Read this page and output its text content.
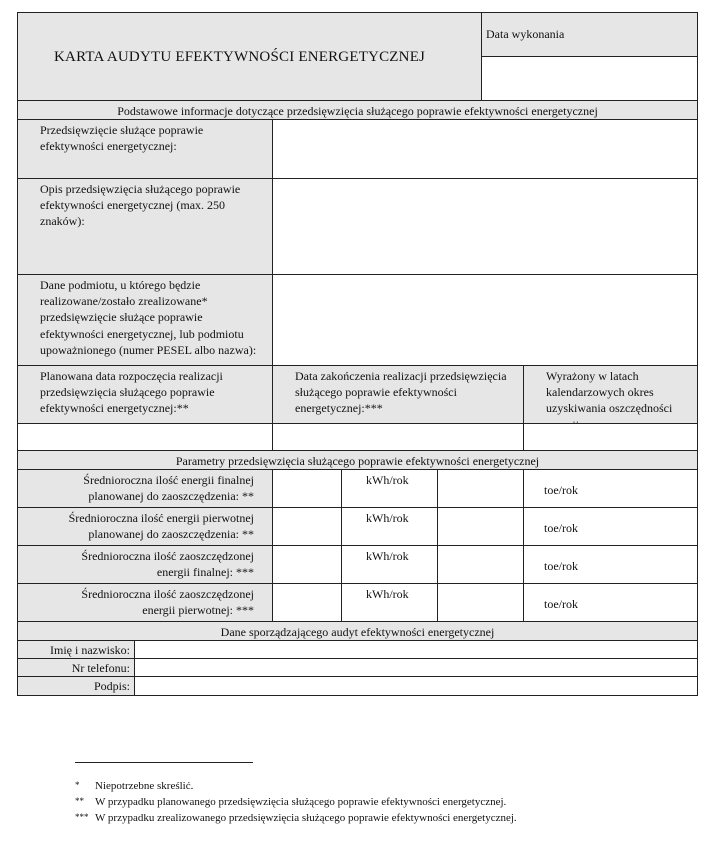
KARTA AUDYTU EFEKTYWNOŚCI ENERGETYCZNEJ
Data wykonania
Podstawowe informacje dotyczące przedsięwzięcia służącego poprawie efektywności energetycznej
Przedsięwzięcie służące poprawie efektywności energetycznej:
Opis przedsięwzięcia służącego poprawie efektywności energetycznej (max. 250 znaków):
Dane podmiotu, u którego będzie realizowane/zostało zrealizowane* przedsięwzięcie służące poprawie efektywności energetycznej, lub podmiotu upoważnionego (numer PESEL albo nazwa):
Planowana data rozpoczęcia realizacji przedsięwzięcia służącego poprawie efektywności energetycznej:**
Data zakończenia realizacji przedsięwzięcia służącego poprawie efektywności energetycznej:***
Wyrażony w latach kalendarzowych okres uzyskiwania oszczędności
Parametry przedsięwzięcia służącego poprawie efektywności energetycznej
Średnioroczna ilość energii finalnej planowanej do zaoszczędzenia: **
kWh/rok
toe/rok
Średnioroczna ilość energii pierwotnej planowanej do zaoszczędzenia: **
kWh/rok
toe/rok
Średnioroczna ilość zaoszczędzonej energii finalnej: ***
kWh/rok
toe/rok
Średnioroczna ilość zaoszczędzonej energii pierwotnej: ***
kWh/rok
toe/rok
Dane sporządzającego audyt efektywności energetycznej
Imię i nazwisko:
Nr telefonu:
Podpis:
* Niepotrzebne skreślić.
** W przypadku planowanego przedsięwzięcia służącego poprawie efektywności energetycznej.
*** W przypadku zrealizowanego przedsięwzięcia służącego poprawie efektywności energetycznej.
